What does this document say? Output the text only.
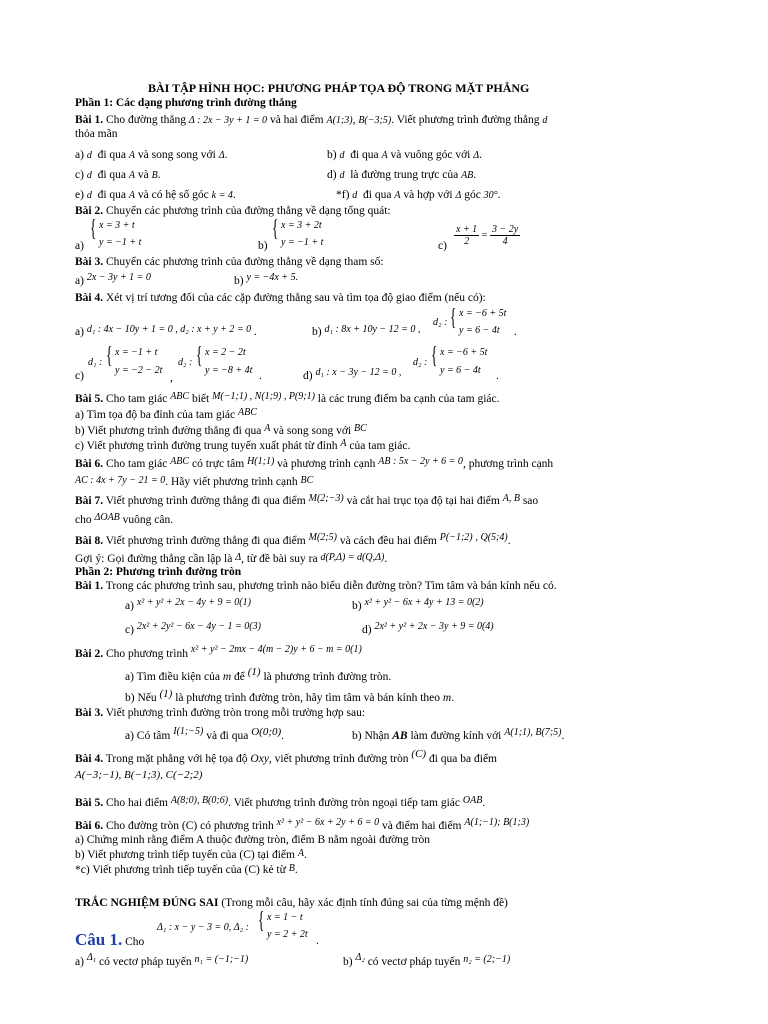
BÀI TẬP HÌNH HỌC: PHƯƠNG PHÁP TỌA ĐỘ TRONG MẶT PHẲNG
Phần 1: Các dạng phương trình đường thẳng
Bài 1. Cho đường thẳng Δ : 2x − 3y + 1 = 0 và hai điểm A(1;3), B(−3;5). Viết phương trình đường thẳng d
thỏa mãn
a) d đi qua A và song song với Δ.	b) d đi qua A và vuông góc với Δ.
c) d đi qua A và B.	d) d là đường trung trực của AB.
e) d đi qua A và có hệ số góc k = 4.	*f) d đi qua A và hợp với Δ góc 30°.
Bài 2. Chuyển các phương trình của đường thẳng về dạng tổng quát:
a)
{ x = 3 + t
y = −1 + t	b)
{ x = 3 + 2t
y = −1 + t	$c) \frac{x + 1}{2} = \frac{3 - 2y}{4}$
Bài 3. Chuyển các phương trình của đường thẳng về dạng tham số:
a) 2x − 3y + 1 = 0	b) y = −4x + 5.
Bài 4. Xét vị trí tương đối của các cặp đường thẳng sau và tìm tọa độ giao điểm (nếu có):
a) d₁ : 4x − 10y + 1 = 0 , d₂ : x + y + 2 = 0 .	b) d₁ : 8x + 10y − 12 = 0 ,
d₂ : { x = −6 + 5t
y = 6 − 4t .
c)
d₁ : { x = −1 + t
y = −2 − 2t
,
d₂ : { x = 2 − 2t
y = −8 + 4t .	d) d₁ : x − 3y − 12 = 0 ,
d₂ : { x = −6 + 5t
y = 6 − 4t .
Bài 5. Cho tam giác ABC biết M(−1;1) , N(1;9) , P(9;1) là các trung điểm ba cạnh của tam giác.
a) Tìm tọa độ ba đỉnh của tam giác ABC
b) Viết phương trình đường thẳng đi qua A và song song với BC
c) Viết phương trình đường trung tuyến xuất phát từ đỉnh A của tam giác.
Bài 6. Cho tam giác ABC có trực tâm H(1;1) và phương trình cạnh AB : 5x − 2y + 6 = 0, phương trình cạnh
AC : 4x + 7y − 21 = 0. Hãy viết phương trình cạnh BC
Bài 7. Viết phương trình đường thẳng đi qua điểm M(2;−3) và cắt hai trục tọa độ tại hai điểm A, B sao
cho ΔOAB vuông cân.
Bài 8. Viết phương trình đường thẳng đi qua điểm M(2;5) và cách đều hai điểm P(−1;2) , Q(5;4).
Gợi ý: Gọi đường thẳng cần lập là Δ, từ đề bài suy ra d(P,Δ) = d(Q,Δ).
Phần 2: Phương trình đường tròn
Bài 1. Trong các phương trình sau, phương trình nào biểu diễn đường tròn? Tìm tâm và bán kính nếu có.
a) x² + y² + 2x − 4y + 9 = 0(1)	b) x² + y² − 6x + 4y + 13 = 0(2)
c) 2x² + 2y² − 6x − 4y − 1 = 0(3)	d) 2x² + y² + 2x − 3y + 9 = 0(4)
Bài 2. Cho phương trình x² + y² − 2mx − 4(m − 2)y + 6 − m = 0(1)
a) Tìm điều kiện của m để (1) là phương trình đường tròn.
b) Nếu (1) là phương trình đường tròn, hãy tìm tâm và bán kính theo m.
Bài 3. Viết phương trình đường tròn trong mỗi trường hợp sau:
a) Có tâm I(1;−5) và đi qua O(0;0).	b) Nhận AB làm đường kính với A(1;1), B(7;5).
Bài 4. Trong mặt phẳng với hệ tọa độ Oxy, viết phương trình đường tròn (C) đi qua ba điểm
A(−3;−1), B(−1;3), C(−2;2)
Bài 5. Cho hai điểm A(8;0), B(0;6). Viết phương trình đường tròn ngoại tiếp tam giác OAB.
Bài 6. Cho đường tròn (C) có phương trình x² + y² − 6x + 2y + 6 = 0 và điểm hai điểm A(1;−1); B(1;3)
a) Chứng minh rằng điểm A thuộc đường tròn, điểm B nằm ngoài đường tròn
b) Viết phương trình tiếp tuyến của (C) tại điểm A.
*c) Viết phương trình tiếp tuyến của (C) kẻ từ B.
TRẮC NGHIỆM ĐÚNG SAI (Trong mỗi câu, hãy xác định tính đúng sai của từng mệnh đề)
Câu 1. Cho
Δ₁ : x − y − 3 = 0, Δ₂ : { x = 1 − t
y = 2 + 2t
.
a) Δ₁ có vectơ pháp tuyến n₁ = (−1;−1)	b) Δ₂ có vectơ pháp tuyến n₂ = (2;−1)
